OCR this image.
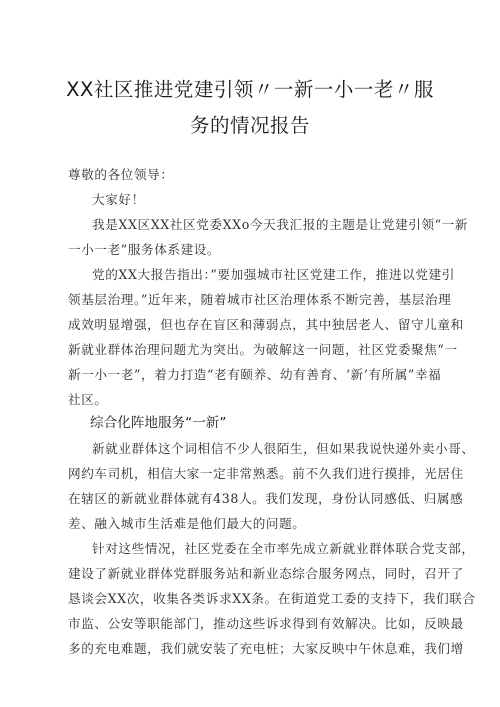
XX社区推进党建引领〃一新一小一老〃服
务的情况报告
尊敬的各位领导：
大家好！
我是XX区XX社区党委XXo今天我汇报的主题是让党建引领“一新
一小一老”服务体系建设。
党的XX大报告指出：”要加强城市社区党建工作，推进以党建引
领基层治理。”近年来，随着城市社区治理体系不断完善，基层治理
成效明显增强，但也存在盲区和薄弱点，其中独居老人、留守儿童和
新就业群体治理问题尤为突出。为破解这一问题，社区党委聚焦“一
新一小一老”，着力打造“老有颐养、幼有善育、‘新’有所属”幸福
社区。
综合化阵地服务“一新”
新就业群体这个词相信不少人很陌生，但如果我说快递外卖小哥、
网约车司机，相信大家一定非常熟悉。前不久我们进行摸排，光居住
在辖区的新就业群体就有438人。我们发现，身份认同感低、归属感
差、融入城市生活难是他们最大的问题。
针对这些情况，社区党委在全市率先成立新就业群体联合党支部，
建设了新就业群体党群服务站和新业态综合服务网点，同时，召开了
恳谈会XX次，收集各类诉求XX条。在街道党工委的支持下，我们联合
市监、公安等职能部门，推动这些诉求得到有效解决。比如，反映最
多的充电难题，我们就安装了充电桩；大家反映中午休息难，我们增
